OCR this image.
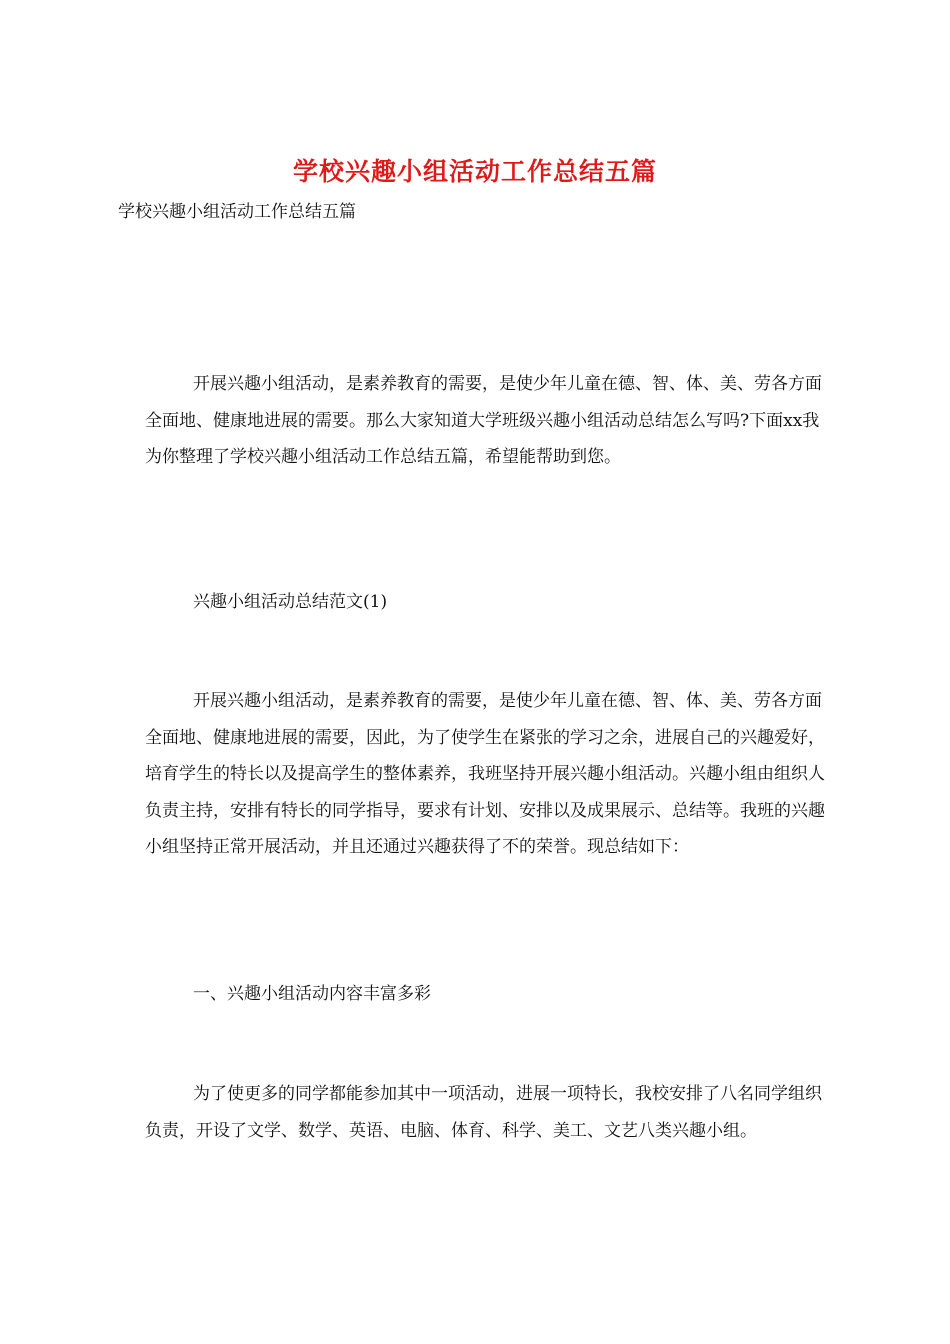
学校兴趣小组活动工作总结五篇
学校兴趣小组活动工作总结五篇

开展兴趣小组活动，是素养教育的需要，是使少年儿童在德、智、体、美、劳各方面全面地、健康地进展的需要。那么大家知道大学班级兴趣小组活动总结怎么写吗?下面xx我为你整理了学校兴趣小组活动工作总结五篇，希望能帮助到您。

兴趣小组活动总结范文(1)

开展兴趣小组活动，是素养教育的需要，是使少年儿童在德、智、体、美、劳各方面全面地、健康地进展的需要，因此，为了使学生在紧张的学习之余，进展自己的兴趣爱好，培育学生的特长以及提高学生的整体素养，我班坚持开展兴趣小组活动。兴趣小组由组织人负责主持，安排有特长的同学指导，要求有计划、安排以及成果展示、总结等。我班的兴趣小组坚持正常开展活动，并且还通过兴趣获得了不的荣誉。现总结如下：

一、兴趣小组活动内容丰富多彩

为了使更多的同学都能参加其中一项活动，进展一项特长，我校安排了八名同学组织负责，开设了文学、数学、英语、电脑、体育、科学、美工、文艺八类兴趣小组。
